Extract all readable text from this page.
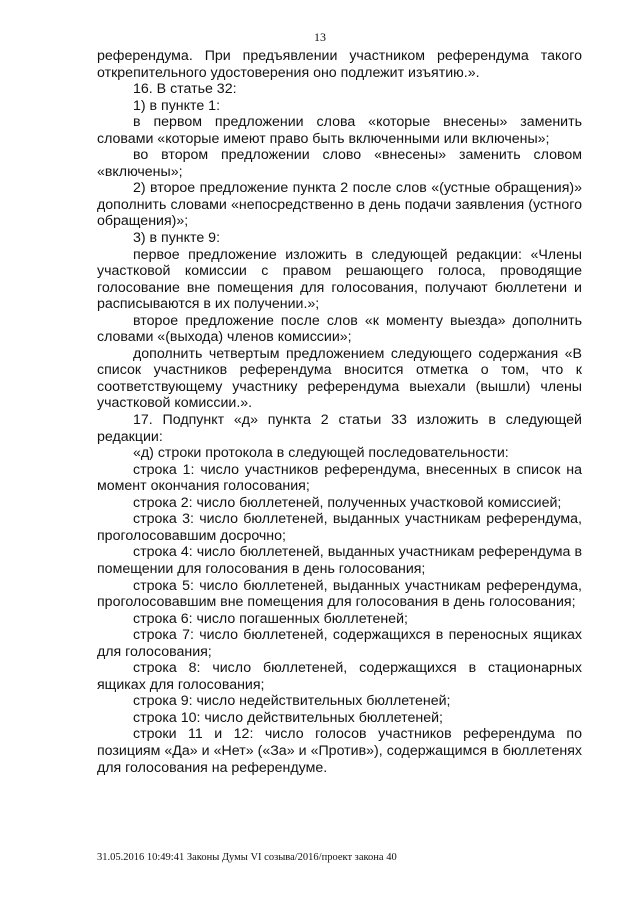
13

референдума. При предъявлении участником референдума такого открепительного удостоверения оно подлежит изъятию.».

16. В статье 32:

1) в пункте 1:

в первом предложении слова «которые внесены» заменить словами «которые имеют право быть включенными или включены»;

во втором предложении слово «внесены» заменить словом «включены»;

2) второе предложение пункта 2 после слов «(устные обращения)» дополнить словами «непосредственно в день подачи заявления (устного обращения)»;

3) в пункте 9:

первое предложение изложить в следующей редакции: «Члены участковой комиссии с правом решающего голоса, проводящие голосование вне помещения для голосования, получают бюллетени и расписываются в их получении.»;

второе предложение после слов «к моменту выезда» дополнить словами «(выхода) членов комиссии»;

дополнить четвертым предложением следующего содержания «В список участников референдума вносится отметка о том, что к соответствующему участнику референдума выехали (вышли) члены участковой комиссии.».

17. Подпункт «д» пункта 2 статьи 33 изложить в следующей редакции:

«д) строки протокола в следующей последовательности:

строка 1: число участников референдума, внесенных в список на момент окончания голосования;

строка 2: число бюллетеней, полученных участковой комиссией;

строка 3: число бюллетеней, выданных участникам референдума, проголосовавшим досрочно;

строка 4: число бюллетеней, выданных участникам референдума в помещении для голосования в день голосования;

строка 5: число бюллетеней, выданных участникам референдума, проголосовавшим вне помещения для голосования в день голосования;

строка 6: число погашенных бюллетеней;

строка 7: число бюллетеней, содержащихся в переносных ящиках для голосования;

строка 8: число бюллетеней, содержащихся в стационарных ящиках для голосования;

строка 9: число недействительных бюллетеней;

строка 10: число действительных бюллетеней;

строки 11 и 12: число голосов участников референдума по позициям «Да» и «Нет» («За» и «Против»), содержащимся в бюллетенях для голосования на референдуме.

31.05.2016 10:49:41 Законы Думы VI созыва/2016/проект закона 40
